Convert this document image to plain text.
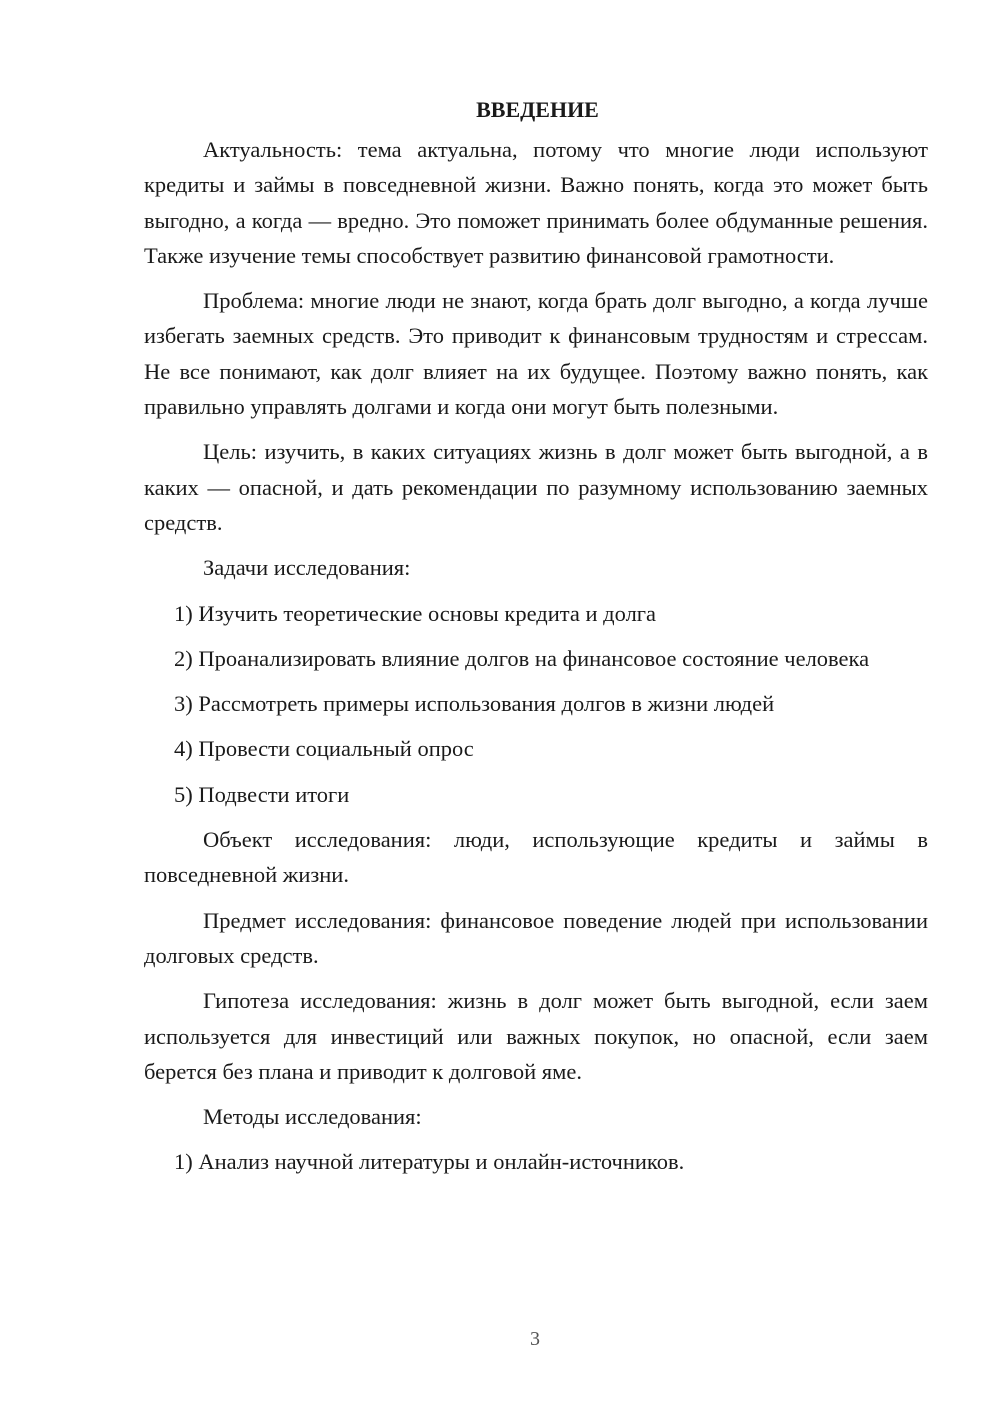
ВВЕДЕНИЕ

Актуальность: тема актуальна, потому что многие люди используют кредиты и займы в повседневной жизни. Важно понять, когда это может быть выгодно, а когда — вредно. Это поможет принимать более обдуманные решения. Также изучение темы способствует развитию финансовой грамотности.

Проблема: многие люди не знают, когда брать долг выгодно, а когда лучше избегать заемных средств. Это приводит к финансовым трудностям и стрессам. Не все понимают, как долг влияет на их будущее. Поэтому важно понять, как правильно управлять долгами и когда они могут быть полезными.

Цель: изучить, в каких ситуациях жизнь в долг может быть выгодной, а в каких — опасной, и дать рекомендации по разумному использованию заемных средств.

Задачи исследования:

1) Изучить теоретические основы кредита и долга

2) Проанализировать влияние долгов на финансовое состояние человека

3) Рассмотреть примеры использования долгов в жизни людей

4) Провести социальный опрос

5) Подвести итоги

Объект исследования: люди, использующие кредиты и займы в повседневной жизни.

Предмет исследования: финансовое поведение людей при использовании долговых средств.

Гипотеза исследования: жизнь в долг может быть выгодной, если заем используется для инвестиций или важных покупок, но опасной, если заем берется без плана и приводит к долговой яме.

Методы исследования:

1) Анализ научной литературы и онлайн-источников.

3
